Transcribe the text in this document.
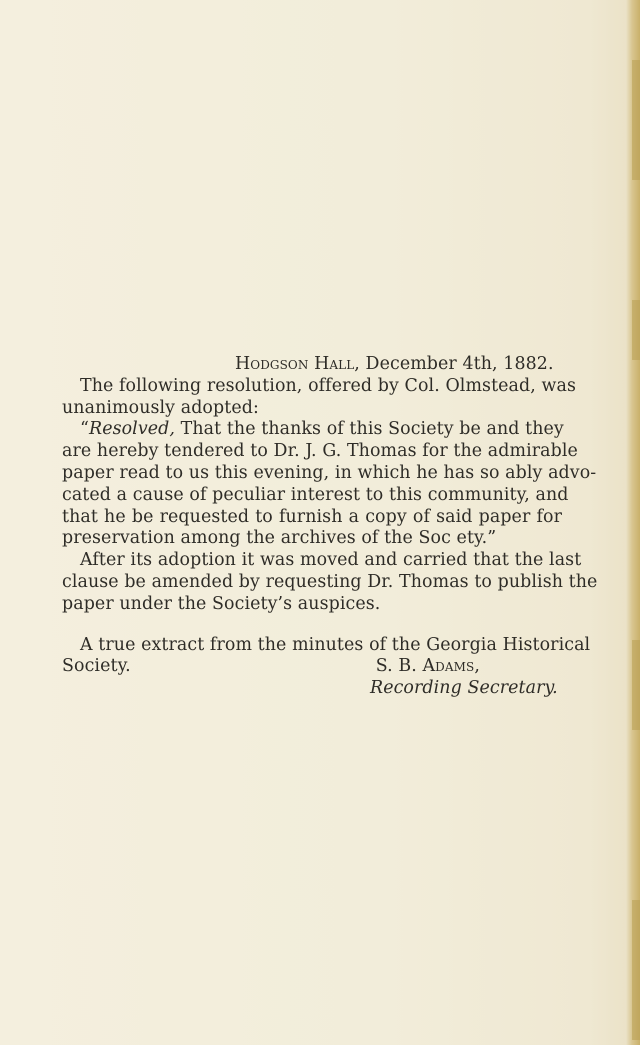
Hodgson Hall, December 4th, 1882.
The following resolution, offered by Col. Olmstead, was
unanimously adopted:
“Resolved, That the thanks of this Society be and they
are hereby tendered to Dr. J. G. Thomas for the admirable
paper read to us this evening, in which he has so ably advo-
cated a cause of peculiar interest to this community, and
that he be requested to furnish a copy of said paper for
preservation among the archives of the Soc ety.”
After its adoption it was moved and carried that the last
clause be amended by requesting Dr. Thomas to publish the
paper under the Society’s auspices.
A true extract from the minutes of the Georgia Historical
Society.	S. B. Adams,
Recording Secretary.
